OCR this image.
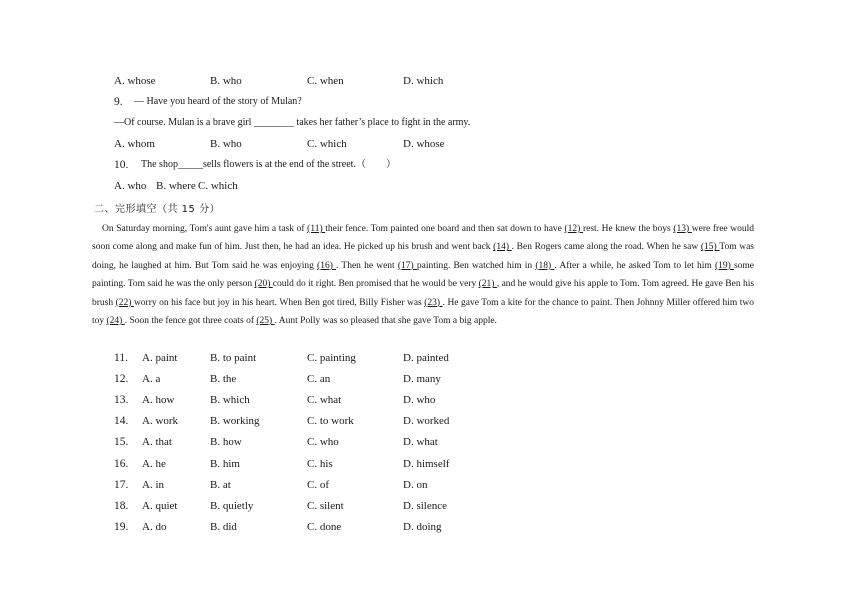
A. whose	B. who	C. when	D. which
9. — Have you heard of the story of Mulan?
—Of course. Mulan is a brave girl ________ takes her father’s place to fight in the army.
A. whom	B. who	C. which	D. whose
10. The shop_____sells flowers is at the end of the street.（　　）
A. who B. where C. which
二、完形填空（共 15 分）

On Saturday morning, Tom's aunt gave him a task of (11) their fence. Tom painted one board and then sat down to have (12) rest. He knew the boys (13) were free would soon come along and make fun of him. Just then, he had an idea. He picked up his brush and went back (14) . Ben Rogers came along the road. When he saw (15) Tom was doing, he laughed at him. But Tom said he was enjoying (16) . Then he went (17) painting. Ben watched him in (18) . After a while, he asked Tom to let him (19) some painting. Tom said he was the only person (20) could do it right. Ben promised that he would be very (21) , and he would give his apple to Tom. Tom agreed. He gave Ben his brush (22) worry on his face but joy in his heart. When Ben got tired, Billy Fisher was (23) . He gave Tom a kite for the chance to paint. Then Johnny Miller offered him two toy (24) . Soon the fence got three coats of (25) . Aunt Polly was so pleased that she gave Tom a big apple.

11. A. paint	B. to paint	C. painting	D. painted
12. A. a	B. the	C. an	D. many
13. A. how	B. which	C. what	D. who
14. A. work	B. working	C. to work	D. worked
15. A. that	B. how	C. who	D. what
16. A. he	B. him	C. his	D. himself
17. A. in	B. at	C. of	D. on
18. A. quiet	B. quietly	C. silent	D. silence
19. A. do	B. did	C. done	D. doing
